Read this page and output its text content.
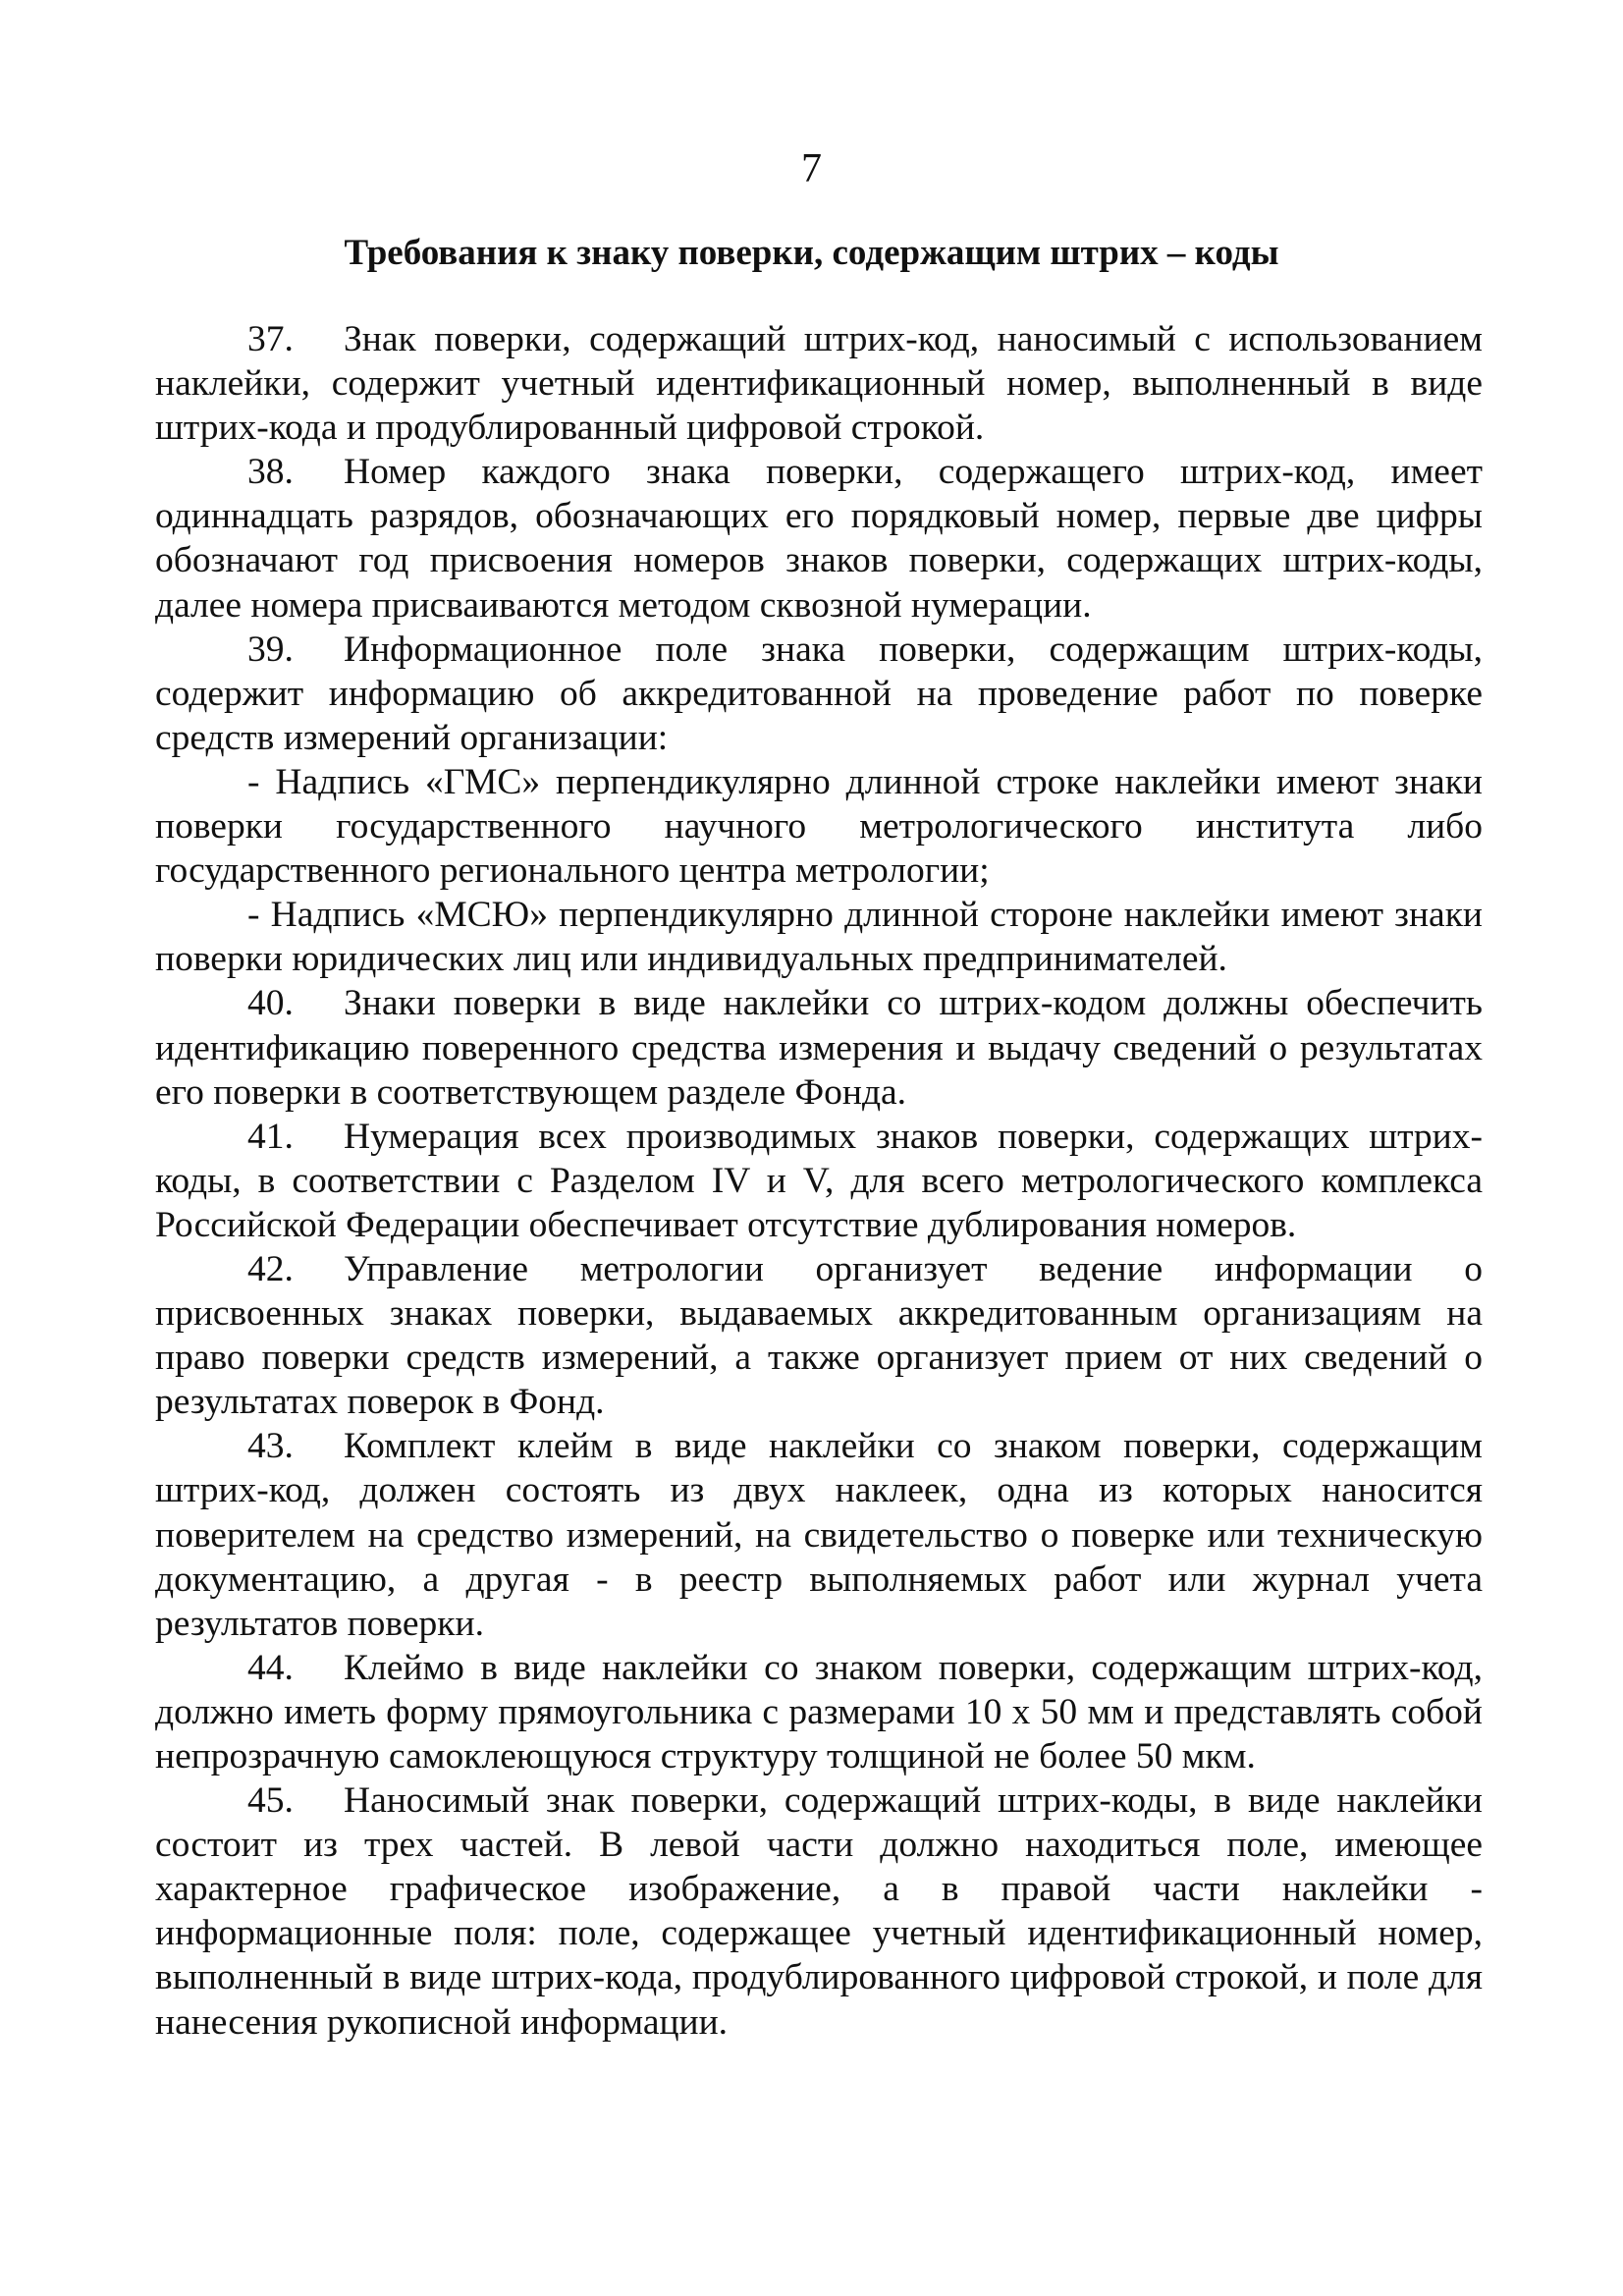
7
Требования к знаку поверки, содержащим штрих – коды

37. Знак поверки, содержащий штрих-код, наносимый с использованием наклейки, содержит учетный идентификационный номер, выполненный в виде штрих-кода и продублированный цифровой строкой.

38. Номер каждого знака поверки, содержащего штрих-код, имеет одиннадцать разрядов, обозначающих его порядковый номер, первые две цифры обозначают год присвоения номеров знаков поверки, содержащих штрих-коды, далее номера присваиваются методом сквозной нумерации.

39. Информационное поле знака поверки, содержащим штрих-коды, содержит информацию об аккредитованной на проведение работ по поверке средств измерений организации:

- Надпись «ГМС» перпендикулярно длинной строке наклейки имеют знаки поверки государственного научного метрологического института либо государственного регионального центра метрологии;

- Надпись «МСЮ» перпендикулярно длинной стороне наклейки имеют знаки поверки юридических лиц или индивидуальных предпринимателей.

40. Знаки поверки в виде наклейки со штрих-кодом должны обеспечить идентификацию поверенного средства измерения и выдачу сведений о результатах его поверки в соответствующем разделе Фонда.

41. Нумерация всех производимых знаков поверки, содержащих штрих-коды, в соответствии с Разделом IV и V, для всего метрологического комплекса Российской Федерации обеспечивает отсутствие дублирования номеров.

42. Управление метрологии организует ведение информации о присвоенных знаках поверки, выдаваемых аккредитованным организациям на право поверки средств измерений, а также организует прием от них сведений о результатах поверок в Фонд.

43. Комплект клейм в виде наклейки со знаком поверки, содержащим штрих-код, должен состоять из двух наклеек, одна из которых наносится поверителем на средство измерений, на свидетельство о поверке или техническую документацию, а другая - в реестр выполняемых работ или журнал учета результатов поверки.

44. Клеймо в виде наклейки со знаком поверки, содержащим штрих-код, должно иметь форму прямоугольника с размерами 10 х 50 мм и представлять собой непрозрачную самоклеющуюся структуру толщиной не более 50 мкм.

45. Наносимый знак поверки, содержащий штрих-коды, в виде наклейки состоит из трех частей. В левой части должно находиться поле, имеющее характерное графическое изображение, а в правой части наклейки - информационные поля: поле, содержащее учетный идентификационный номер, выполненный в виде штрих-кода, продублированного цифровой строкой, и поле для нанесения рукописной информации.
